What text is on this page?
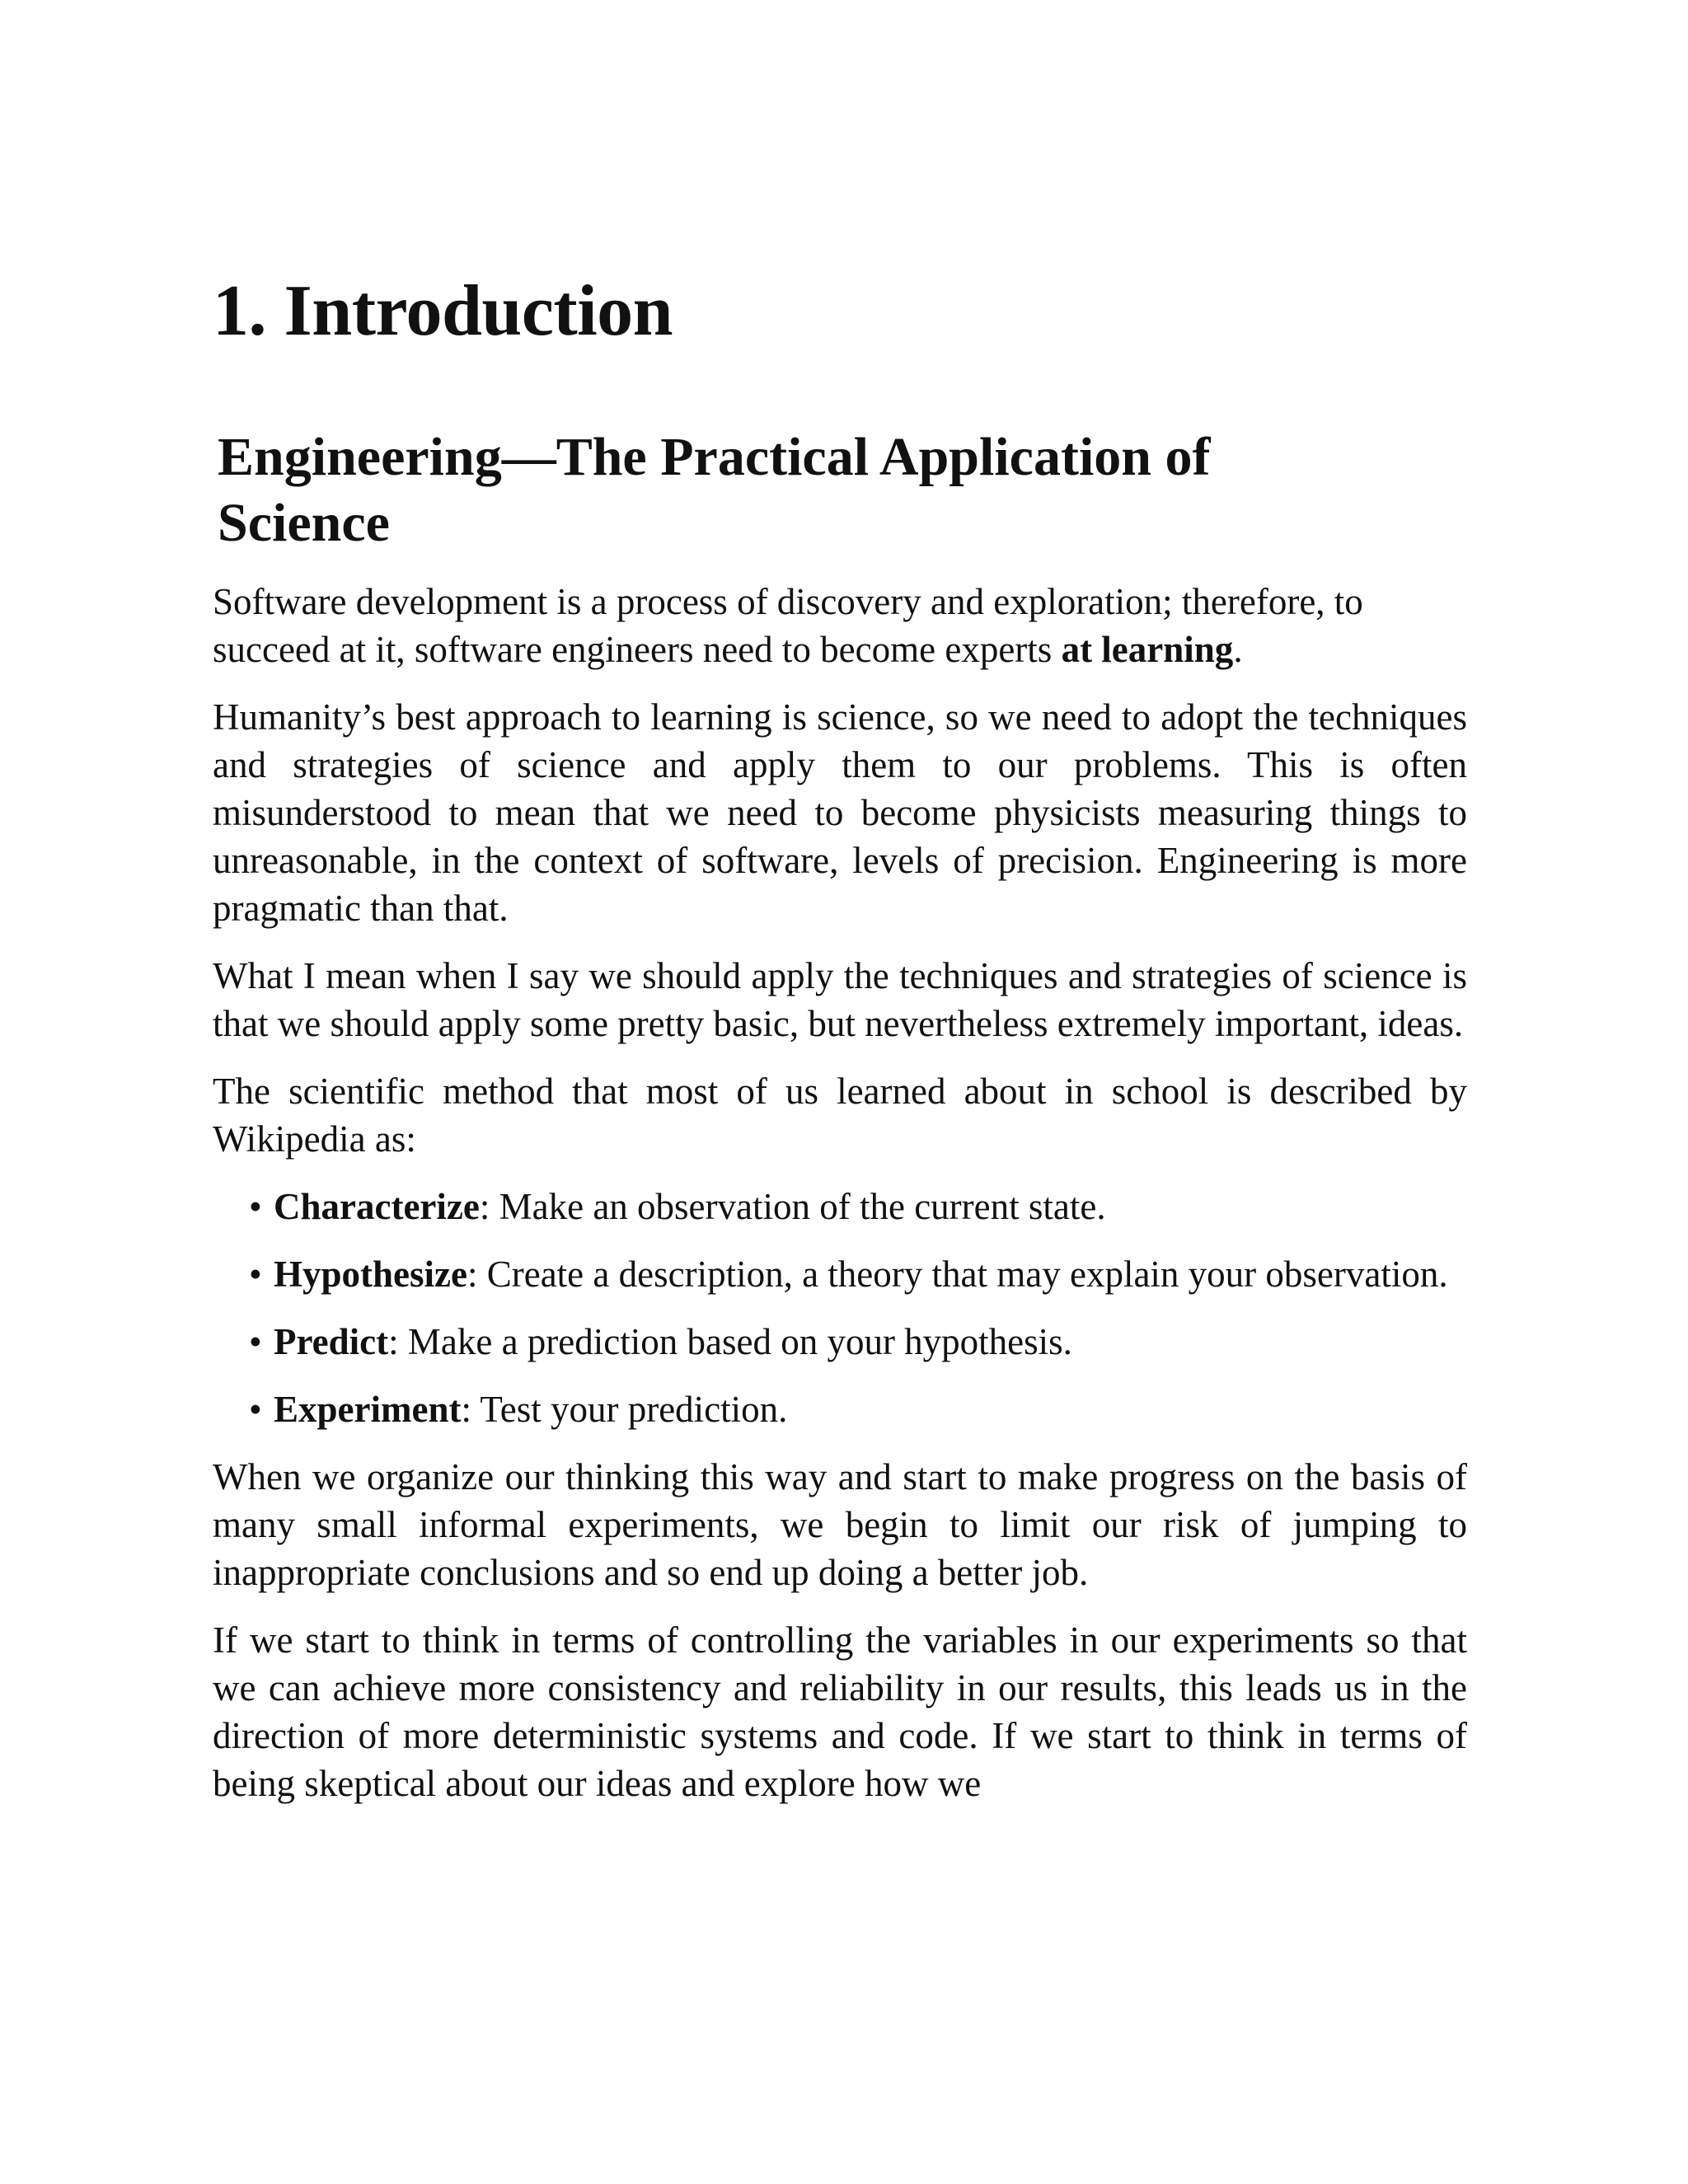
1. Introduction
Engineering—The Practical Application of Science

Software development is a process of discovery and exploration; therefore, to succeed at it, software engineers need to become experts at learning.

Humanity’s best approach to learning is science, so we need to adopt the techniques and strategies of science and apply them to our problems. This is often misunderstood to mean that we need to become physicists measuring things to unreasonable, in the context of software, levels of precision. Engineering is more pragmatic than that.

What I mean when I say we should apply the techniques and strategies of science is that we should apply some pretty basic, but nevertheless extremely important, ideas.

The scientific method that most of us learned about in school is described by Wikipedia as:

• Characterize: Make an observation of the current state.
• Hypothesize: Create a description, a theory that may explain your observation.
• Predict: Make a prediction based on your hypothesis.
• Experiment: Test your prediction.

When we organize our thinking this way and start to make progress on the basis of many small informal experiments, we begin to limit our risk of jumping to inappropriate conclusions and so end up doing a better job.

If we start to think in terms of controlling the variables in our experiments so that we can achieve more consistency and reliability in our results, this leads us in the direction of more deterministic systems and code. If we start to think in terms of being skeptical about our ideas and explore how we
